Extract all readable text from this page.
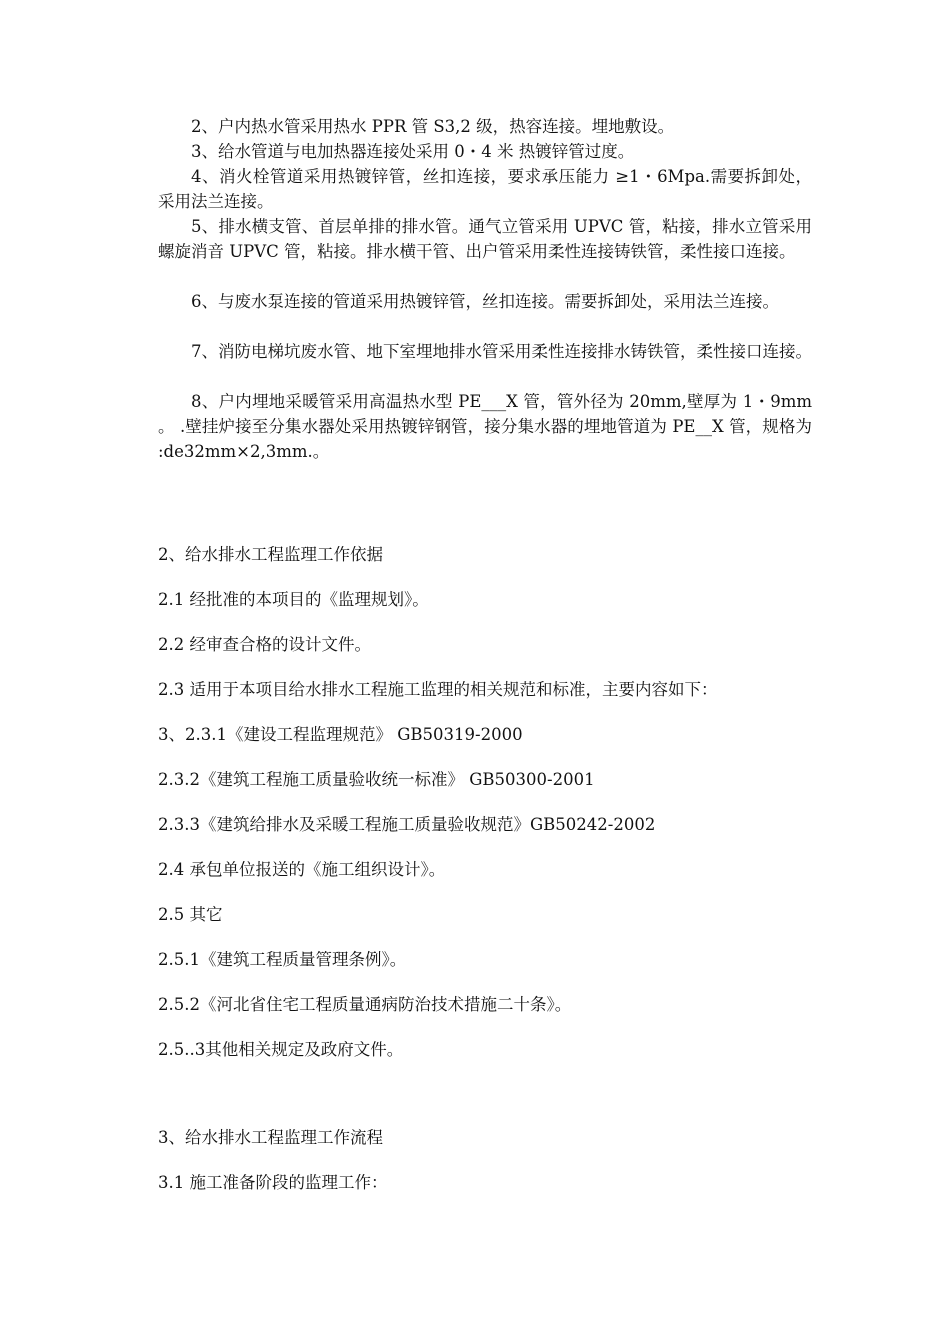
2、户内热水管采用热水 PPR 管 S3,2 级，热容连接。埋地敷设。

3、给水管道与电加热器连接处采用 0・4 米 热镀锌管过度。

4、消火栓管道采用热镀锌管，丝扣连接，要求承压能力 ≥1・6Mpa.需要拆卸处，采用法兰连接。

5、排水横支管、首层单排的排水管。通气立管采用 UPVC 管，粘接，排水立管采用螺旋消音 UPVC 管，粘接。排水横干管、出户管采用柔性连接铸铁管，柔性接口连接。

6、与废水泵连接的管道采用热镀锌管，丝扣连接。需要拆卸处，采用法兰连接。

7、消防电梯坑废水管、地下室埋地排水管采用柔性连接排水铸铁管，柔性接口连接。

8、户内埋地采暖管采用高温热水型 PE___X 管，管外径为 20mm,壁厚为 1・9mm 。 .壁挂炉接至分集水器处采用热镀锌钢管，接分集水器的埋地管道为 PE__X 管，规格为 :de32mm×2,3mm.。

2、给水排水工程监理工作依据

2.1 经批准的本项目的《监理规划》。

2.2 经审查合格的设计文件。

2.3 适用于本项目给水排水工程施工监理的相关规范和标准，主要内容如下：

3、2.3.1《建设工程监理规范》 GB50319-2000

2.3.2《建筑工程施工质量验收统一标准》 GB50300-2001

2.3.3《建筑给排水及采暖工程施工质量验收规范》GB50242-2002

2.4 承包单位报送的《施工组织设计》。

2.5 其它

2.5.1《建筑工程质量管理条例》。

2.5.2《河北省住宅工程质量通病防治技术措施二十条》。

2.5..3其他相关规定及政府文件。

3、给水排水工程监理工作流程

3.1 施工准备阶段的监理工作：
